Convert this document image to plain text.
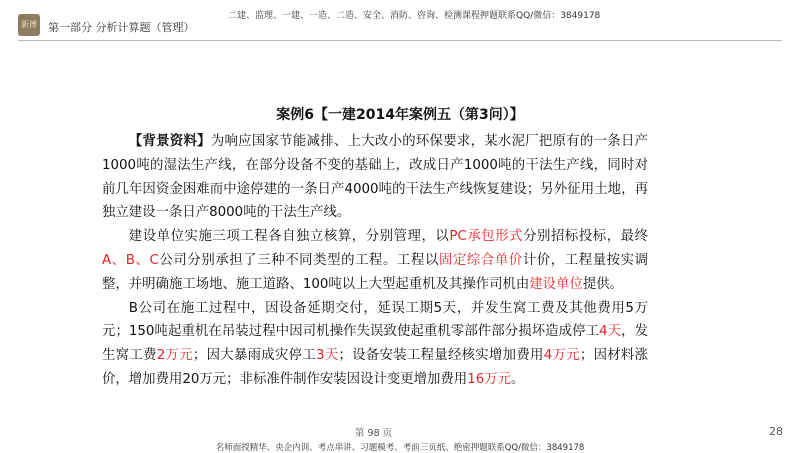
新傅 第一部分 分析计算题（管理）
二建、监理、一建、一造、二造、安全、消防、咨询、检测课程押题联系QQ/微信：3849178
案例6【一建2014年案例五（第3问）】

【背景资料】为响应国家节能减排、上大改小的环保要求，某水泥厂把原有的一条日产1000吨的湿法生产线，在部分设备不变的基础上，改成日产1000吨的干法生产线，同时对前几年因资金困难而中途停建的一条日产4000吨的干法生产线恢复建设；另外征用土地，再独立建设一条日产8000吨的干法生产线。

建设单位实施三项工程各自独立核算，分别管理，以PC承包形式分别招标投标，最终A、B、C公司分别承担了三种不同类型的工程。工程以固定综合单价计价，工程量按实调整，并明确施工场地、施工道路、100吨以上大型起重机及其操作司机由建设单位提供。

B公司在施工过程中，因设备延期交付，延误工期5天，并发生窝工费及其他费用5万元；150吨起重机在吊装过程中因司机操作失误致使起重机零部件部分损坏造成停工4天，发生窝工费2万元；因大暴雨成灾停工3天；设备安装工程量经核实增加费用4万元；因材料涨价，增加费用20万元；非标准件制作安装因设计变更增加费用16万元。

第 98 页
名师面授精华、央企内训、考点串讲、习题模考、考前三页纸、绝密押题联系QQ/微信：3849178
28
